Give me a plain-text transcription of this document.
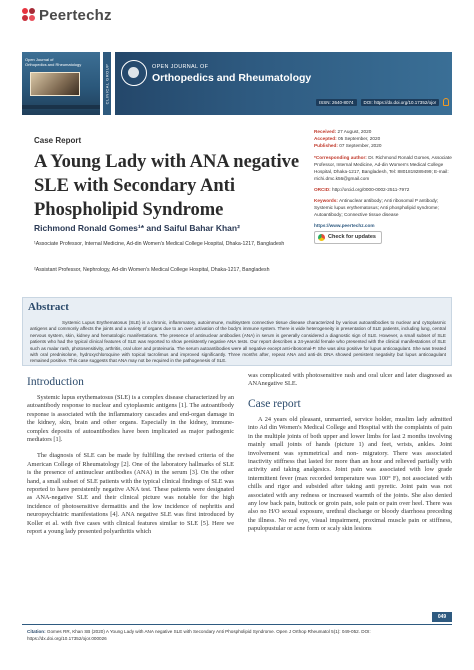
Peertechz
Open Journal of
Orthopedics and Rheumatology	CLINICAL GROUP	OPEN JOURNAL OF
Orthopedics and Rheumatology
ISSN: 2640-8074	DOI: https://dx.doi.org/10.17352/ojor
Case Report
A Young Lady with ANA negative SLE with Secondary Anti Phospholipid Syndrome
Richmond Ronald Gomes¹* and Saiful Bahar Khan²
¹Associate Professor, Internal Medicine, Ad-din Women's Medical College Hospital, Dhaka-1217, Bangladesh
²Assistant Professor, Nephrology, Ad-din Women's Medical College Hospital, Dhaka-1217, Bangladesh
Received: 27 August, 2020
Accepted: 05 September, 2020
Published: 07 September, 2020

*Corresponding author: Dr. Richmond Ronald Gomes, Associate Professor, Internal Medicine, Ad-din Women's Medical College Hospital, Dhaka-1217, Bangladesh, Tel: 8801819289499; E-mail: rrichi.dmc.k56@gmail.com

ORCID: http://orcid.org/0000-0002-2511-7972

Keywords: Antinuclear antibody; Anti ribosomal P antibody; Systemic lupus erythematosus; Anti phospholipid syndrome; Autoantibody; Connective tissue disease

https://www.peertechz.com
Check for updates
Abstract
Systemic Lupus Erythematosus (SLE) is a chronic, inflammatory, autoimmune, multisystem connective tissue disease characterized by various autoantibodies to nuclear and cytoplasmic antigens and commonly affects the joints and a variety of organs due to an over activation of the body's immune system. There is wide heterogeneity in presentation of SLE patients, including lung, central nervous system, skin, kidney and hematologic manifestations. The presence of antinuclear antibodies (ANA) in serum is generally considered a diagnostic sign of SLE. However, a small subset of SLE patients who had the typical clinical features of SLE was reported to show persistently negative ANA tests. Our report describes a 24-yearold female who presented with the clinical manifestations of SLE such as malar rash, photosensitivity, arthritis, oral ulcer and proteinuria. The serum autoantibodies were all negative except anti-ribosomal-P. She was also positive for lupus anticoagulant. She was treated with oral prednisolone, hydroxychloroquine with topical tacrolimus and improved significantly. Three months after, repeat ANA and anti-ds DNA showed persistent negativity but lupus anticoagulant remained positive. This case suggests that ANA may not be required in the pathogenesis of SLE.
Introduction

Systemic lupus erythematosus (SLE) is a complex disease characterized by an autoantibody response to nuclear and cytoplasmic antigens [1]. The autoantibody response is associated with the inflammatory cascades and end-organ damage in the kidney, skin, brain and other organs. Especially in the kidney, immune-complex deposits of autoantibodies have been implicated as major pathogenic mediators [1].

The diagnosis of SLE can be made by fulfilling the revised criteria of the American College of Rheumatology [2]. One of the laboratory hallmarks of SLE is the presence of antinuclear antibodies (ANA) in the serum [3]. On the other hand, a small subset of SLE patients with the typical clinical findings of SLE was reported to have persistently negative ANA test. These patients were designated as ANA-negative SLE and their clinical picture was notable for the high incidence of photosensitive dermatitis and the low incidence of nephritis and neuropsychiatric manifestations [4]. ANA negative SLE was first introduced by Koller et al. with five cases with clinical features similar to SLE [5]. Here we report a young lady presented polyarthritis which

was complicated with photosensitive rash and oral ulcer and later diagnosed as ANAnegative SLE.
Case report

A 24 years old pleasant, unmarried, service holder, muslim lady admitted into Ad din Women's Medical College and Hospital with the complaints of pain in the multiple joints of both upper and lower limbs for last 2 months involving mainly small joints of hands (picture 1) and feet, wrists, ankles. Joint involvement was symmetrical and non- migratory. There was associated inactivity stiffness that lasted for more than an hour and relieved partially with activity and taking analgesics. Joint pain was associated with low grade intermittent fever (max recorded temperature was 100° F), not associated with chills and rigor and subsided after taking anti pyretic. Joint pain was not associated with any redness or increased warmth of the joints. She also denied any low back pain, buttock or groin pain, sole pain or pain over heel. There was also no H/O sexual exposure, urethral discharge or bloody diarrhoea preceding the illness. No red eye, visual impairment, proximal muscle pain or stiffness, papulopustular or acne form or scaly skin lesions

049
Citation: Gomes RR, Khan SB (2020) A Young Lady with ANA negative SLE with Secondary Anti Phospholipid Syndrome. Open J Orthop Rheumatol 5(1): 049-052. DOI: https://dx.doi.org/10.17352/ojor.000026
